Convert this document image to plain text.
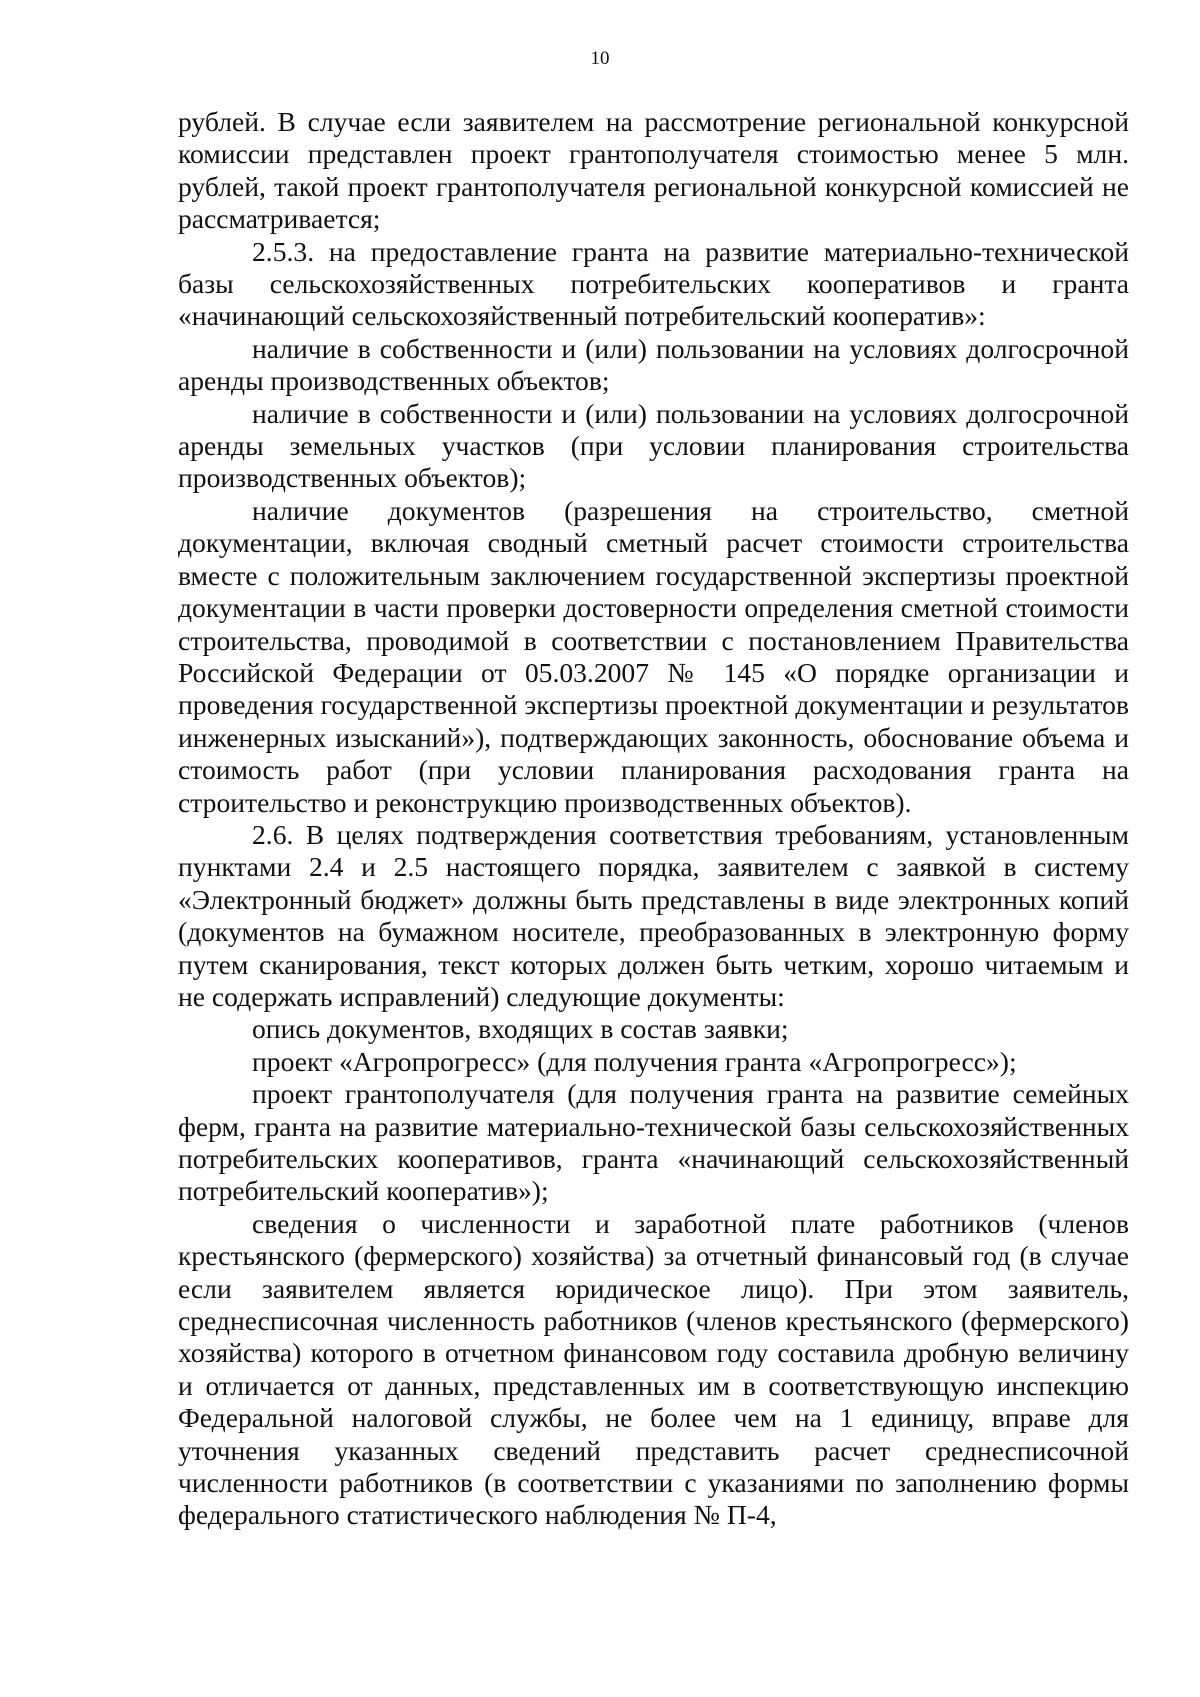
10

рублей. В случае если заявителем на рассмотрение региональной конкурсной комиссии представлен проект грантополучателя стоимостью менее 5 млн. рублей, такой проект грантополучателя региональной конкурсной комиссией не рассматривается;

2.5.3. на предоставление гранта на развитие материально-технической базы сельскохозяйственных потребительских кооперативов и гранта «начинающий сельскохозяйственный потребительский кооператив»:

наличие в собственности и (или) пользовании на условиях долгосрочной аренды производственных объектов;

наличие в собственности и (или) пользовании на условиях долгосрочной аренды земельных участков (при условии планирования строительства производственных объектов);

наличие документов (разрешения на строительство, сметной документации, включая сводный сметный расчет стоимости строительства вместе с положительным заключением государственной экспертизы проектной документации в части проверки достоверности определения сметной стоимости строительства, проводимой в соответствии с постановлением Правительства Российской Федерации от 05.03.2007 № 145 «О порядке организации и проведения государственной экспертизы проектной документации и результатов инженерных изысканий»), подтверждающих законность, обоснование объема и стоимость работ (при условии планирования расходования гранта на строительство и реконструкцию производственных объектов).

2.6. В целях подтверждения соответствия требованиям, установленным пунктами 2.4 и 2.5 настоящего порядка, заявителем с заявкой в систему «Электронный бюджет» должны быть представлены в виде электронных копий (документов на бумажном носителе, преобразованных в электронную форму путем сканирования, текст которых должен быть четким, хорошо читаемым и не содержать исправлений) следующие документы:

опись документов, входящих в состав заявки;

проект «Агропрогресс» (для получения гранта «Агропрогресс»);

проект грантополучателя (для получения гранта на развитие семейных ферм, гранта на развитие материально-технической базы сельскохозяйственных потребительских кооперативов, гранта «начинающий сельскохозяйственный потребительский кооператив»);

сведения о численности и заработной плате работников (членов крестьянского (фермерского) хозяйства) за отчетный финансовый год (в случае если заявителем является юридическое лицо). При этом заявитель, среднесписочная численность работников (членов крестьянского (фермерского) хозяйства) которого в отчетном финансовом году составила дробную величину и отличается от данных, представленных им в соответствующую инспекцию Федеральной налоговой службы, не более чем на 1 единицу, вправе для уточнения указанных сведений представить расчет среднесписочной численности работников (в соответствии с указаниями по заполнению формы федерального статистического наблюдения № П-4,
